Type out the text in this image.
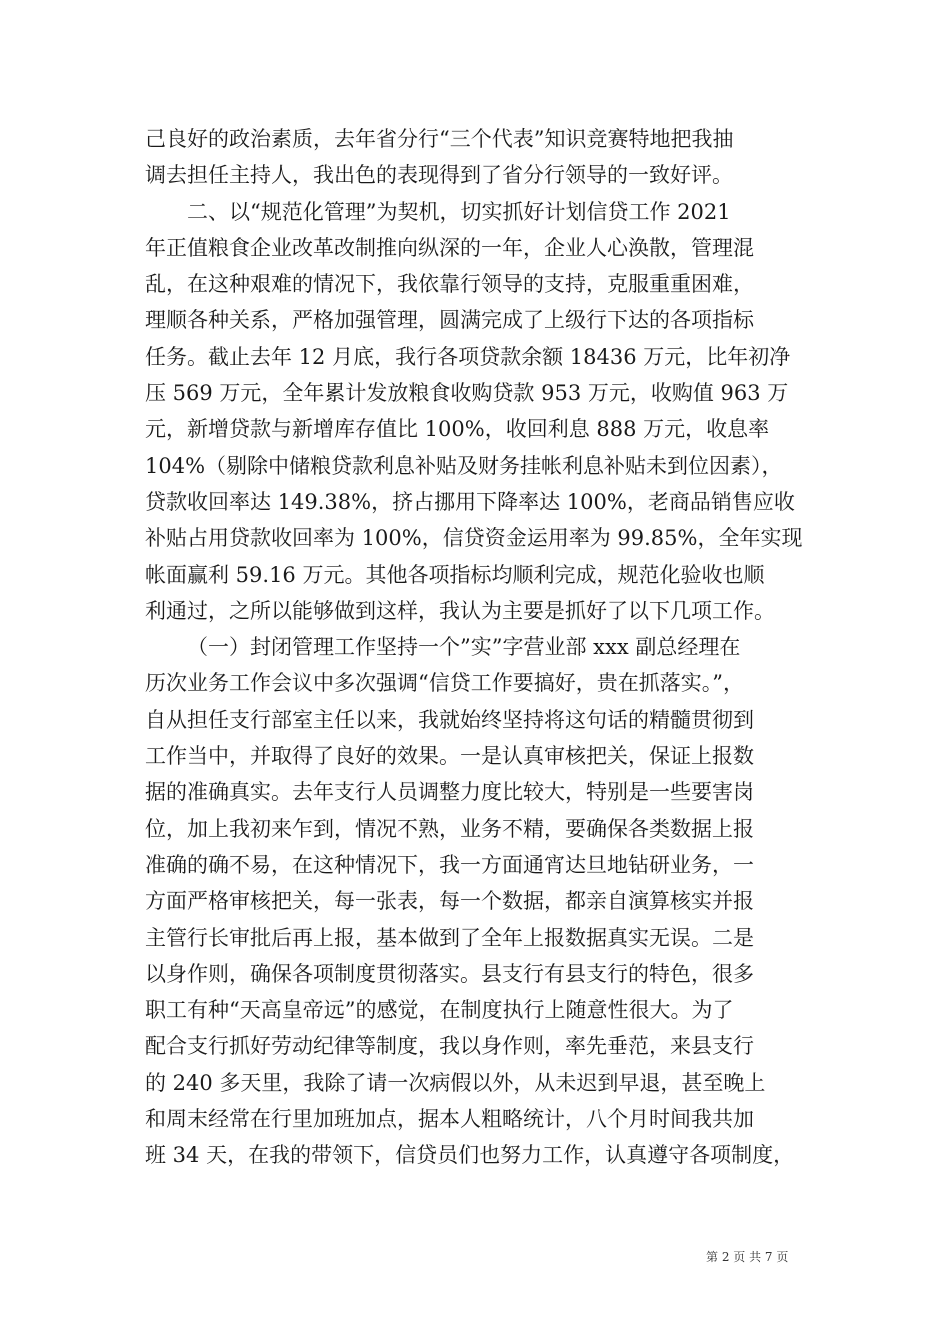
己良好的政治素质，去年省分行“三个代表”知识竞赛特地把我抽
调去担任主持人，我出色的表现得到了省分行领导的一致好评。
二、以“规范化管理”为契机，切实抓好计划信贷工作 2021
年正值粮食企业改革改制推向纵深的一年，企业人心涣散，管理混
乱，在这种艰难的情况下，我依靠行领导的支持，克服重重困难，
理顺各种关系，严格加强管理，圆满完成了上级行下达的各项指标
任务。截止去年 12 月底，我行各项贷款余额 18436 万元，比年初净
压 569 万元，全年累计发放粮食收购贷款 953 万元，收购值 963 万
元，新增贷款与新增库存值比 100%，收回利息 888 万元，收息率
104%（剔除中储粮贷款利息补贴及财务挂帐利息补贴未到位因素），
贷款收回率达 149.38%，挤占挪用下降率达 100%，老商品销售应收
补贴占用贷款收回率为 100%，信贷资金运用率为 99.85%，全年实现
帐面赢利 59.16 万元。其他各项指标均顺利完成，规范化验收也顺
利通过，之所以能够做到这样，我认为主要是抓好了以下几项工作。
（一）封闭管理工作坚持一个”实”字营业部 xxx 副总经理在
历次业务工作会议中多次强调“信贷工作要搞好，贵在抓落实。”，
自从担任支行部室主任以来，我就始终坚持将这句话的精髓贯彻到
工作当中，并取得了良好的效果。一是认真审核把关，保证上报数
据的准确真实。去年支行人员调整力度比较大，特别是一些要害岗
位，加上我初来乍到，情况不熟，业务不精，要确保各类数据上报
准确的确不易，在这种情况下，我一方面通宵达旦地钻研业务，一
方面严格审核把关，每一张表，每一个数据，都亲自演算核实并报
主管行长审批后再上报，基本做到了全年上报数据真实无误。二是
以身作则，确保各项制度贯彻落实。县支行有县支行的特色，很多
职工有种“天高皇帝远”的感觉，在制度执行上随意性很大。为了
配合支行抓好劳动纪律等制度，我以身作则，率先垂范，来县支行
的 240 多天里，我除了请一次病假以外，从未迟到早退，甚至晚上
和周末经常在行里加班加点，据本人粗略统计，八个月时间我共加
班 34 天，在我的带领下，信贷员们也努力工作，认真遵守各项制度，
第 2 页 共 7 页
